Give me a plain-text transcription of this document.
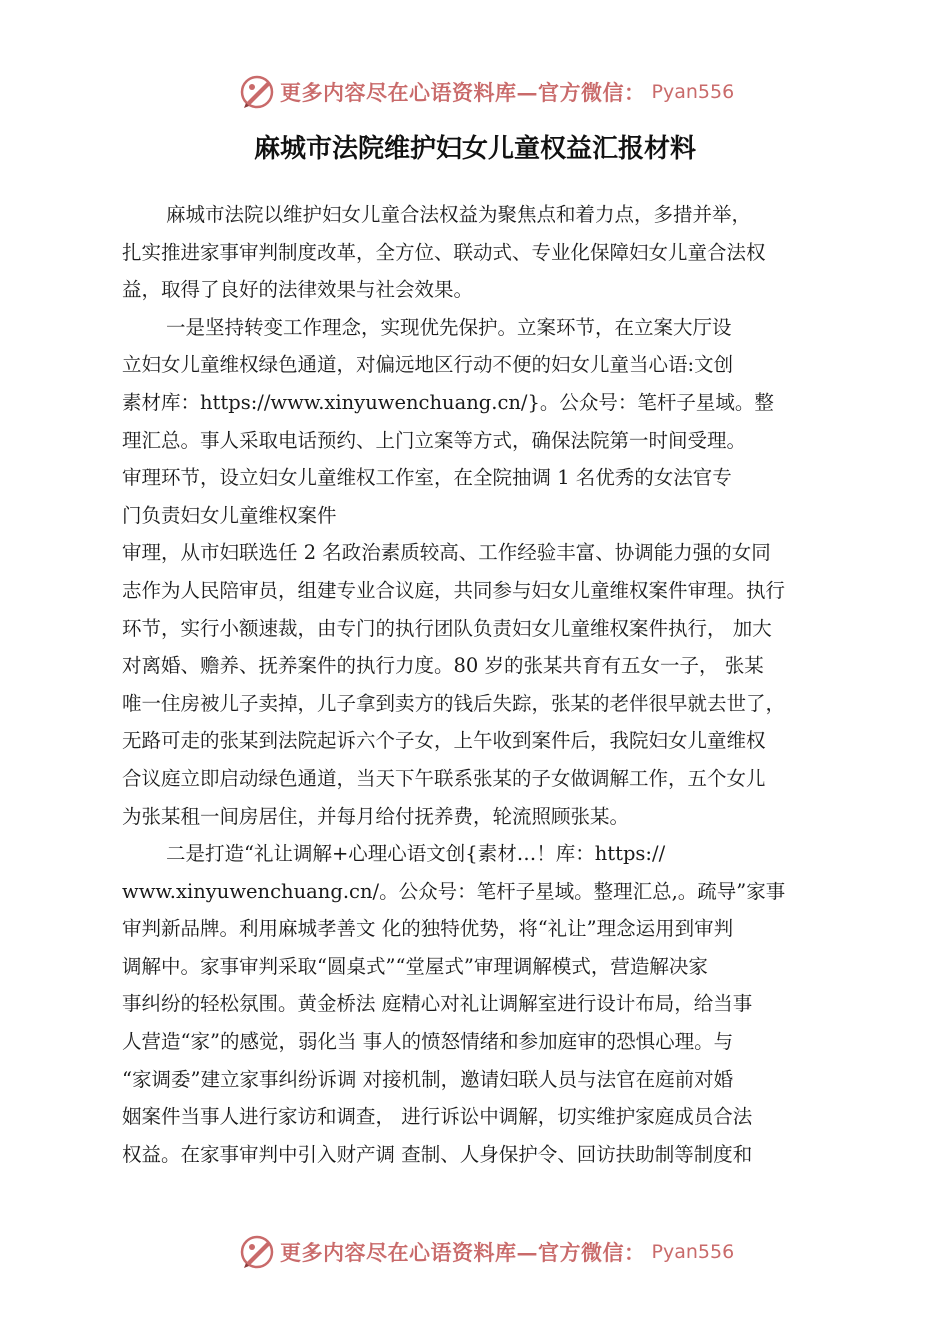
更多内容尽在心语资料库—官方微信： Pyan556
麻城市法院维护妇女儿童权益汇报材料
麻城市法院以维护妇女儿童合法权益为聚焦点和着力点，多措并举，
扎实推进家事审判制度改革，全方位、联动式、专业化保障妇女儿童合法权
益，取得了良好的法律效果与社会效果。
一是坚持转变工作理念，实现优先保护。立案环节，在立案大厅设
立妇女儿童维权绿色通道，对偏远地区行动不便的妇女儿童当心语:文创
素材库：https://www.xinyuwenchuang.cn/}。公众号：笔杆子星域。整
理汇总。事人采取电话预约、上门立案等方式，确保法院第一时间受理。
审理环节，设立妇女儿童维权工作室，在全院抽调 1 名优秀的女法官专
门负责妇女儿童维权案件
审理，从市妇联选任 2 名政治素质较高、工作经验丰富、协调能力强的女同
志作为人民陪审员，组建专业合议庭，共同参与妇女儿童维权案件审理。执行
环节，实行小额速裁，由专门的执行团队负责妇女儿童维权案件执行， 加大
对离婚、赡养、抚养案件的执行力度。80 岁的张某共育有五女一子， 张某
唯一住房被儿子卖掉，儿子拿到卖方的钱后失踪，张某的老伴很早就去世了，
无路可走的张某到法院起诉六个子女，上午收到案件后，我院妇女儿童维权
合议庭立即启动绿色通道，当天下午联系张某的子女做调解工作，五个女儿
为张某租一间房居住，并每月给付抚养费，轮流照顾张某。
二是打造“礼让调解+心理心语文创{素材…！库：https://
www.xinyuwenchuang.cn/。公众号：笔杆子星域。整理汇总,。疏导”家事
审判新品牌。利用麻城孝善文 化的独特优势，将“礼让”理念运用到审判
调解中。家事审判采取“圆桌式”“堂屋式”审理调解模式，营造解决家
事纠纷的轻松氛围。黄金桥法 庭精心对礼让调解室进行设计布局，给当事
人营造“家”的感觉，弱化当 事人的愤怒情绪和参加庭审的恐惧心理。与
“家调委”建立家事纠纷诉调 对接机制，邀请妇联人员与法官在庭前对婚
姻案件当事人进行家访和调查， 进行诉讼中调解，切实维护家庭成员合法
权益。在家事审判中引入财产调 查制、人身保护令、回访扶助制等制度和
更多内容尽在心语资料库—官方微信： Pyan556
